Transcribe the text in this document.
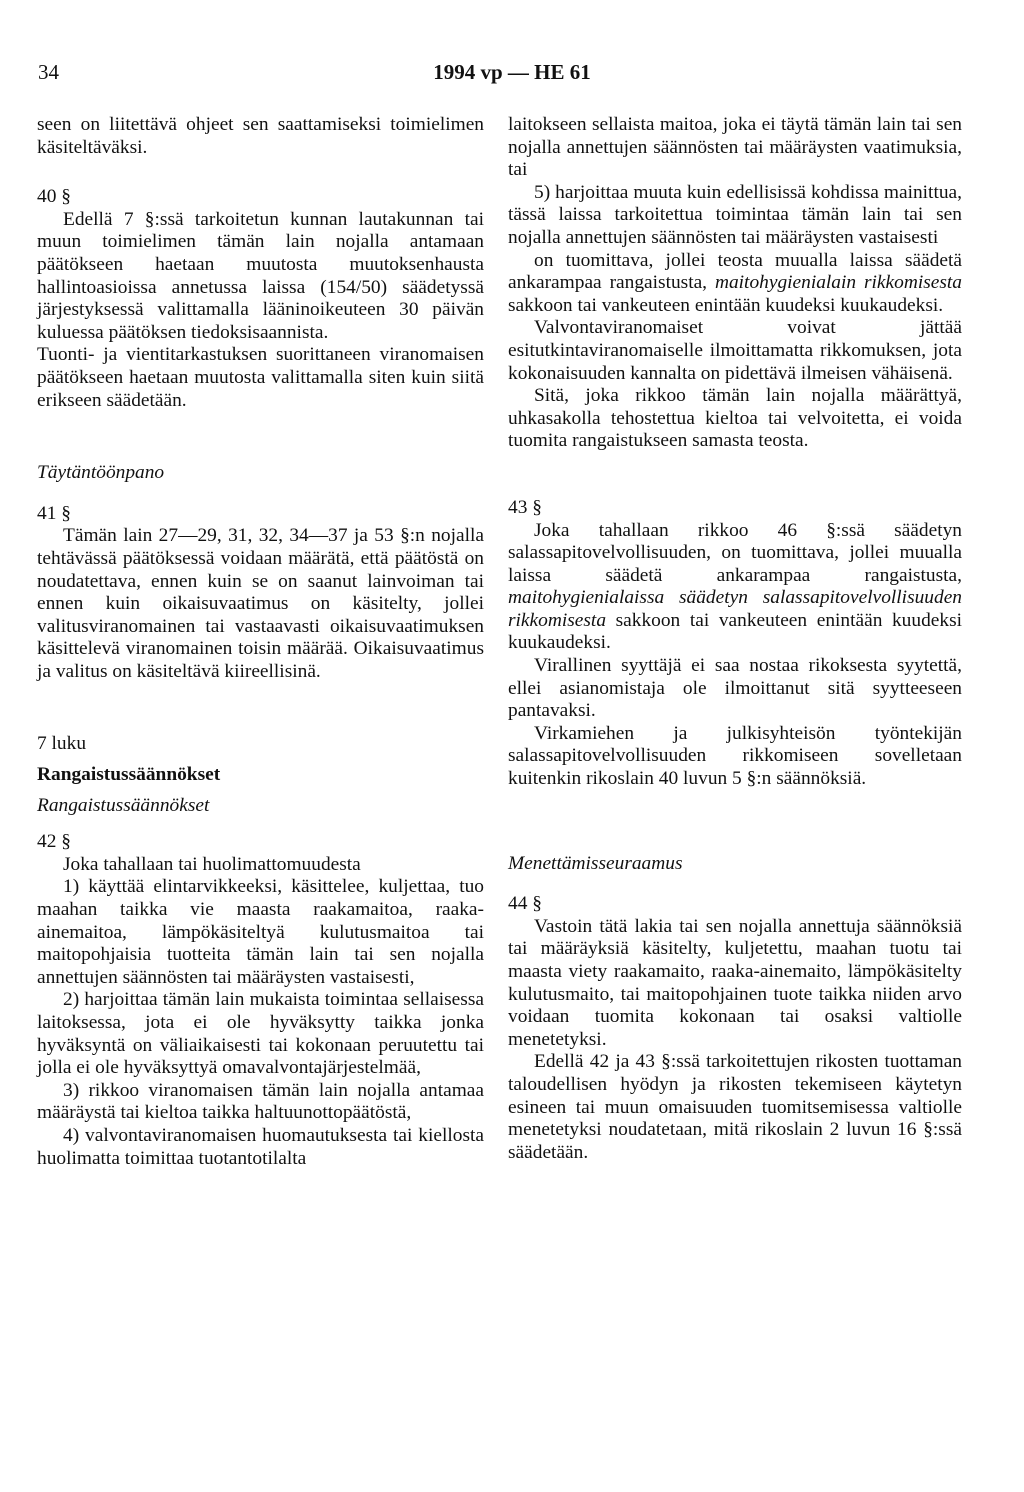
34	1994 vp — HE 61

seen on liitettävä ohjeet sen saattamiseksi toimielimen käsiteltäväksi.

40 §

Edellä 7 §:ssä tarkoitetun kunnan lautakunnan tai muun toimielimen tämän lain nojalla antamaan päätökseen haetaan muutosta muutoksenhausta hallintoasioissa annetussa laissa (154/50) säädetyssä järjestyksessä valittamalla lääninoikeuteen 30 päivän kuluessa päätöksen tiedoksisaannista.

Tuonti- ja vientitarkastuksen suorittaneen viranomaisen päätökseen haetaan muutosta valittamalla siten kuin siitä erikseen säädetään.

Täytäntöönpano

41 §

Tämän lain 27—29, 31, 32, 34—37 ja 53 §:n nojalla tehtävässä päätöksessä voidaan määrätä, että päätöstä on noudatettava, ennen kuin se on saanut lainvoiman tai ennen kuin oikaisuvaatimus on käsitelty, jollei valitusviranomainen tai vastaavasti oikaisuvaatimuksen käsittelevä viranomainen toisin määrää. Oikaisuvaatimus ja valitus on käsiteltävä kiireellisinä.

7 luku

Rangaistussäännökset

Rangaistussäännökset

42 §

Joka tahallaan tai huolimattomuudesta

1) käyttää elintarvikkeeksi, käsittelee, kuljettaa, tuo maahan taikka vie maasta raakamaitoa, raaka-ainemaitoa, lämpökäsiteltyä kulutusmaitoa tai maitopohjaisia tuotteita tämän lain tai sen nojalla annettujen säännösten tai määräysten vastaisesti,

2) harjoittaa tämän lain mukaista toimintaa sellaisessa laitoksessa, jota ei ole hyväksytty taikka jonka hyväksyntä on väliaikaisesti tai kokonaan peruutettu tai jolla ei ole hyväksyttyä omavalvontajärjestelmää,

3) rikkoo viranomaisen tämän lain nojalla antamaa määräystä tai kieltoa taikka haltuunottopäätöstä,

4) valvontaviranomaisen huomautuksesta tai kiellosta huolimatta toimittaa tuotantotilalta

laitokseen sellaista maitoa, joka ei täytä tämän lain tai sen nojalla annettujen säännösten tai määräysten vaatimuksia, tai

5) harjoittaa muuta kuin edellisissä kohdissa mainittua, tässä laissa tarkoitettua toimintaa tämän lain tai sen nojalla annettujen säännösten tai määräysten vastaisesti

on tuomittava, jollei teosta muualla laissa säädetä ankarampaa rangaistusta, maitohygienialain rikkomisesta sakkoon tai vankeuteen enintään kuudeksi kuukaudeksi.

Valvontaviranomaiset voivat jättää esitutkintaviranomaiselle ilmoittamatta rikkomuksen, jota kokonaisuuden kannalta on pidettävä ilmeisen vähäisenä.

Sitä, joka rikkoo tämän lain nojalla määrättyä, uhkasakolla tehostettua kieltoa tai velvoitetta, ei voida tuomita rangaistukseen samasta teosta.

43 §

Joka tahallaan rikkoo 46 §:ssä säädetyn salassapitovelvollisuuden, on tuomittava, jollei muualla laissa säädetä ankarampaa rangaistusta, maitohygienialaissa säädetyn salassapitovelvollisuuden rikkomisesta sakkoon tai vankeuteen enintään kuudeksi kuukaudeksi.

Virallinen syyttäjä ei saa nostaa rikoksesta syytettä, ellei asianomistaja ole ilmoittanut sitä syytteeseen pantavaksi.

Virkamiehen ja julkisyhteisön työntekijän salassapitovelvollisuuden rikkomiseen sovelletaan kuitenkin rikoslain 40 luvun 5 §:n säännöksiä.

Menettämisseuraamus

44 §

Vastoin tätä lakia tai sen nojalla annettuja säännöksiä tai määräyksiä käsitelty, kuljetettu, maahan tuotu tai maasta viety raakamaito, raaka-ainemaito, lämpökäsitelty kulutusmaito, tai maitopohjainen tuote taikka niiden arvo voidaan tuomita kokonaan tai osaksi valtiolle menetetyksi.

Edellä 42 ja 43 §:ssä tarkoitettujen rikosten tuottaman taloudellisen hyödyn ja rikosten tekemiseen käytetyn esineen tai muun omaisuuden tuomitsemisessa valtiolle menetetyksi noudatetaan, mitä rikoslain 2 luvun 16 §:ssä säädetään.
